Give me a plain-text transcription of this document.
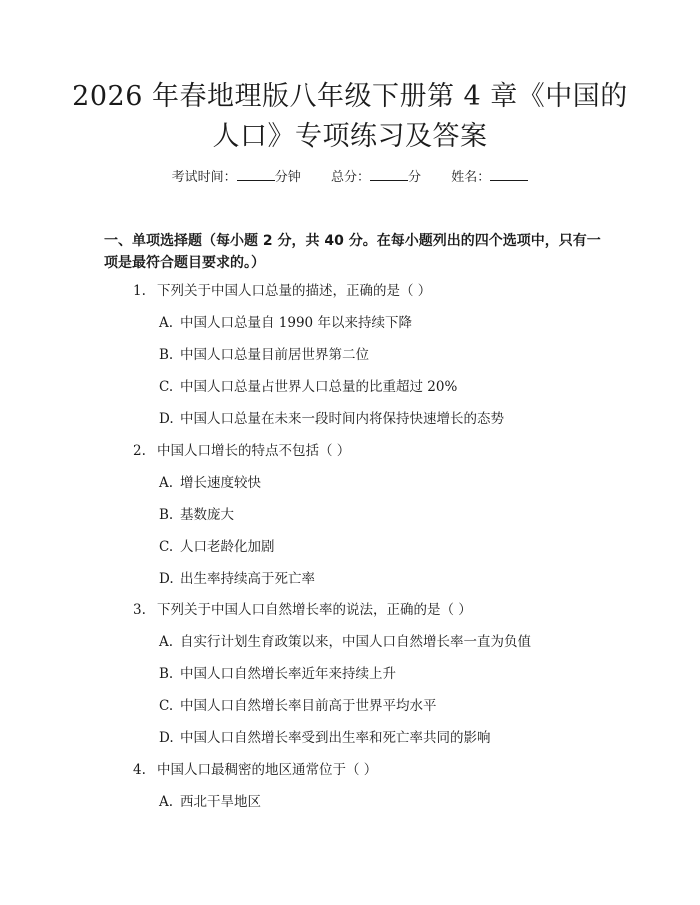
2026 年春地理版八年级下册第 4 章《中国的
人口》专项练习及答案
考试时间：	分钟 总分：	分 姓名：
一、单项选择题（每小题 2 分，共 40 分。在每小题列出的四个选项中，只有一项是最符合题目要求的。）
1. 下列关于中国人口总量的描述，正确的是（ ）
A. 中国人口总量自 1990 年以来持续下降
B. 中国人口总量目前居世界第二位
C. 中国人口总量占世界人口总量的比重超过 20%
D. 中国人口总量在未来一段时间内将保持快速增长的态势
2. 中国人口增长的特点不包括（ ）
A. 增长速度较快
B. 基数庞大
C. 人口老龄化加剧
D. 出生率持续高于死亡率
3. 下列关于中国人口自然增长率的说法，正确的是（ ）
A. 自实行计划生育政策以来，中国人口自然增长率一直为负值
B. 中国人口自然增长率近年来持续上升
C. 中国人口自然增长率目前高于世界平均水平
D. 中国人口自然增长率受到出生率和死亡率共同的影响
4. 中国人口最稠密的地区通常位于（ ）
A. 西北干旱地区
